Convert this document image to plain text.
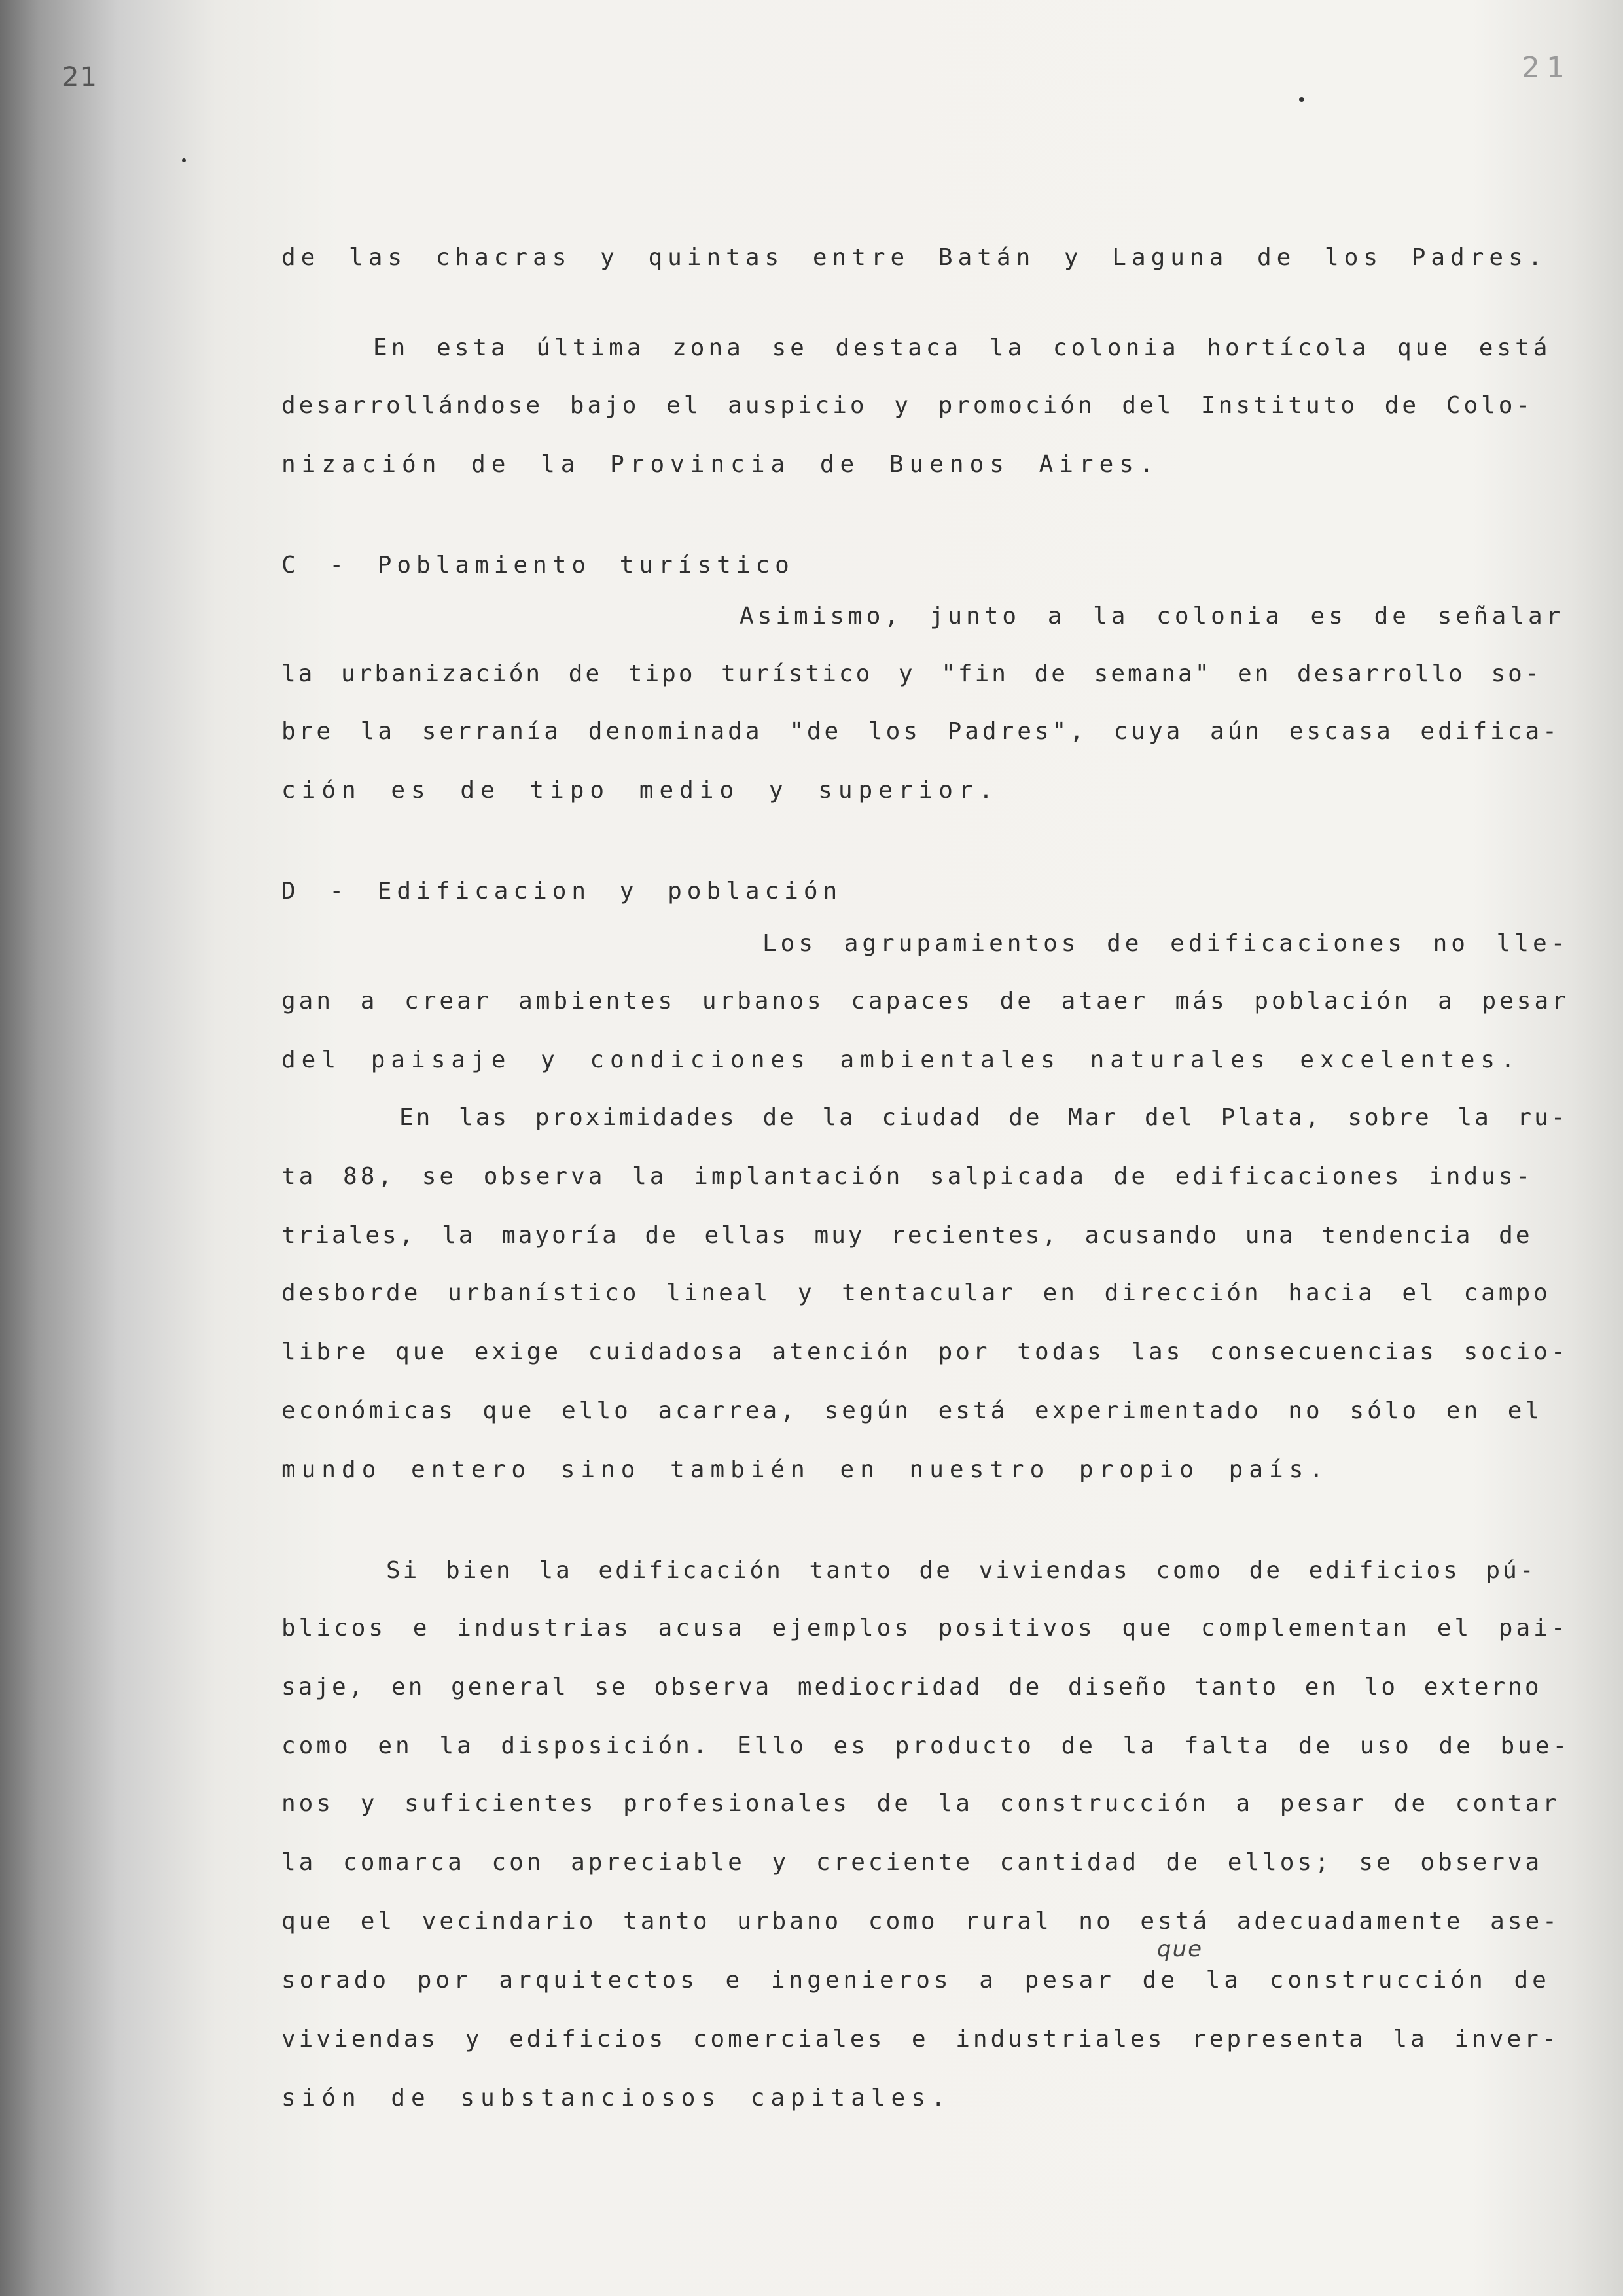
21	21

de las chacras y quintas entre Batán y Laguna de los Padres.

En esta última zona se destaca la colonia hortícola que está

desarrollándose bajo el auspicio y promoción del Instituto de Colo-

nización de la Provincia de Buenos Aires.

C - Poblamiento turístico

Asimismo, junto a la colonia es de señalar

la urbanización de tipo turístico y "fin de semana" en desarrollo so-

bre la serranía denominada "de los Padres", cuya aún escasa edifica-

ción es de tipo medio y superior.

D - Edificacion y población

Los agrupamientos de edificaciones no lle-

gan a crear ambientes urbanos capaces de ataer más población a pesar

del paisaje y condiciones ambientales naturales excelentes.

En las proximidades de la ciudad de Mar del Plata, sobre la ru-

ta 88, se observa la implantación salpicada de edificaciones indus-

triales, la mayoría de ellas muy recientes, acusando una tendencia de

desborde urbanístico lineal y tentacular en dirección hacia el campo

libre que exige cuidadosa atención por todas las consecuencias socio-

económicas que ello acarrea, según está experimentado no sólo en el

mundo entero sino también en nuestro propio país.

Si bien la edificación tanto de viviendas como de edificios pú-

blicos e industrias acusa ejemplos positivos que complementan el pai-

saje, en general se observa mediocridad de diseño tanto en lo externo

como en la disposición. Ello es producto de la falta de uso de bue-

nos y suficientes profesionales de la construcción a pesar de contar

la comarca con apreciable y creciente cantidad de ellos; se observa

que el vecindario tanto urbano como rural no está adecuadamente ase-

sorado por arquitectos e ingenieros a pesar de la construcción de

viviendas y edificios comerciales e industriales representa la inver-

sión de substanciosos capitales.

que
